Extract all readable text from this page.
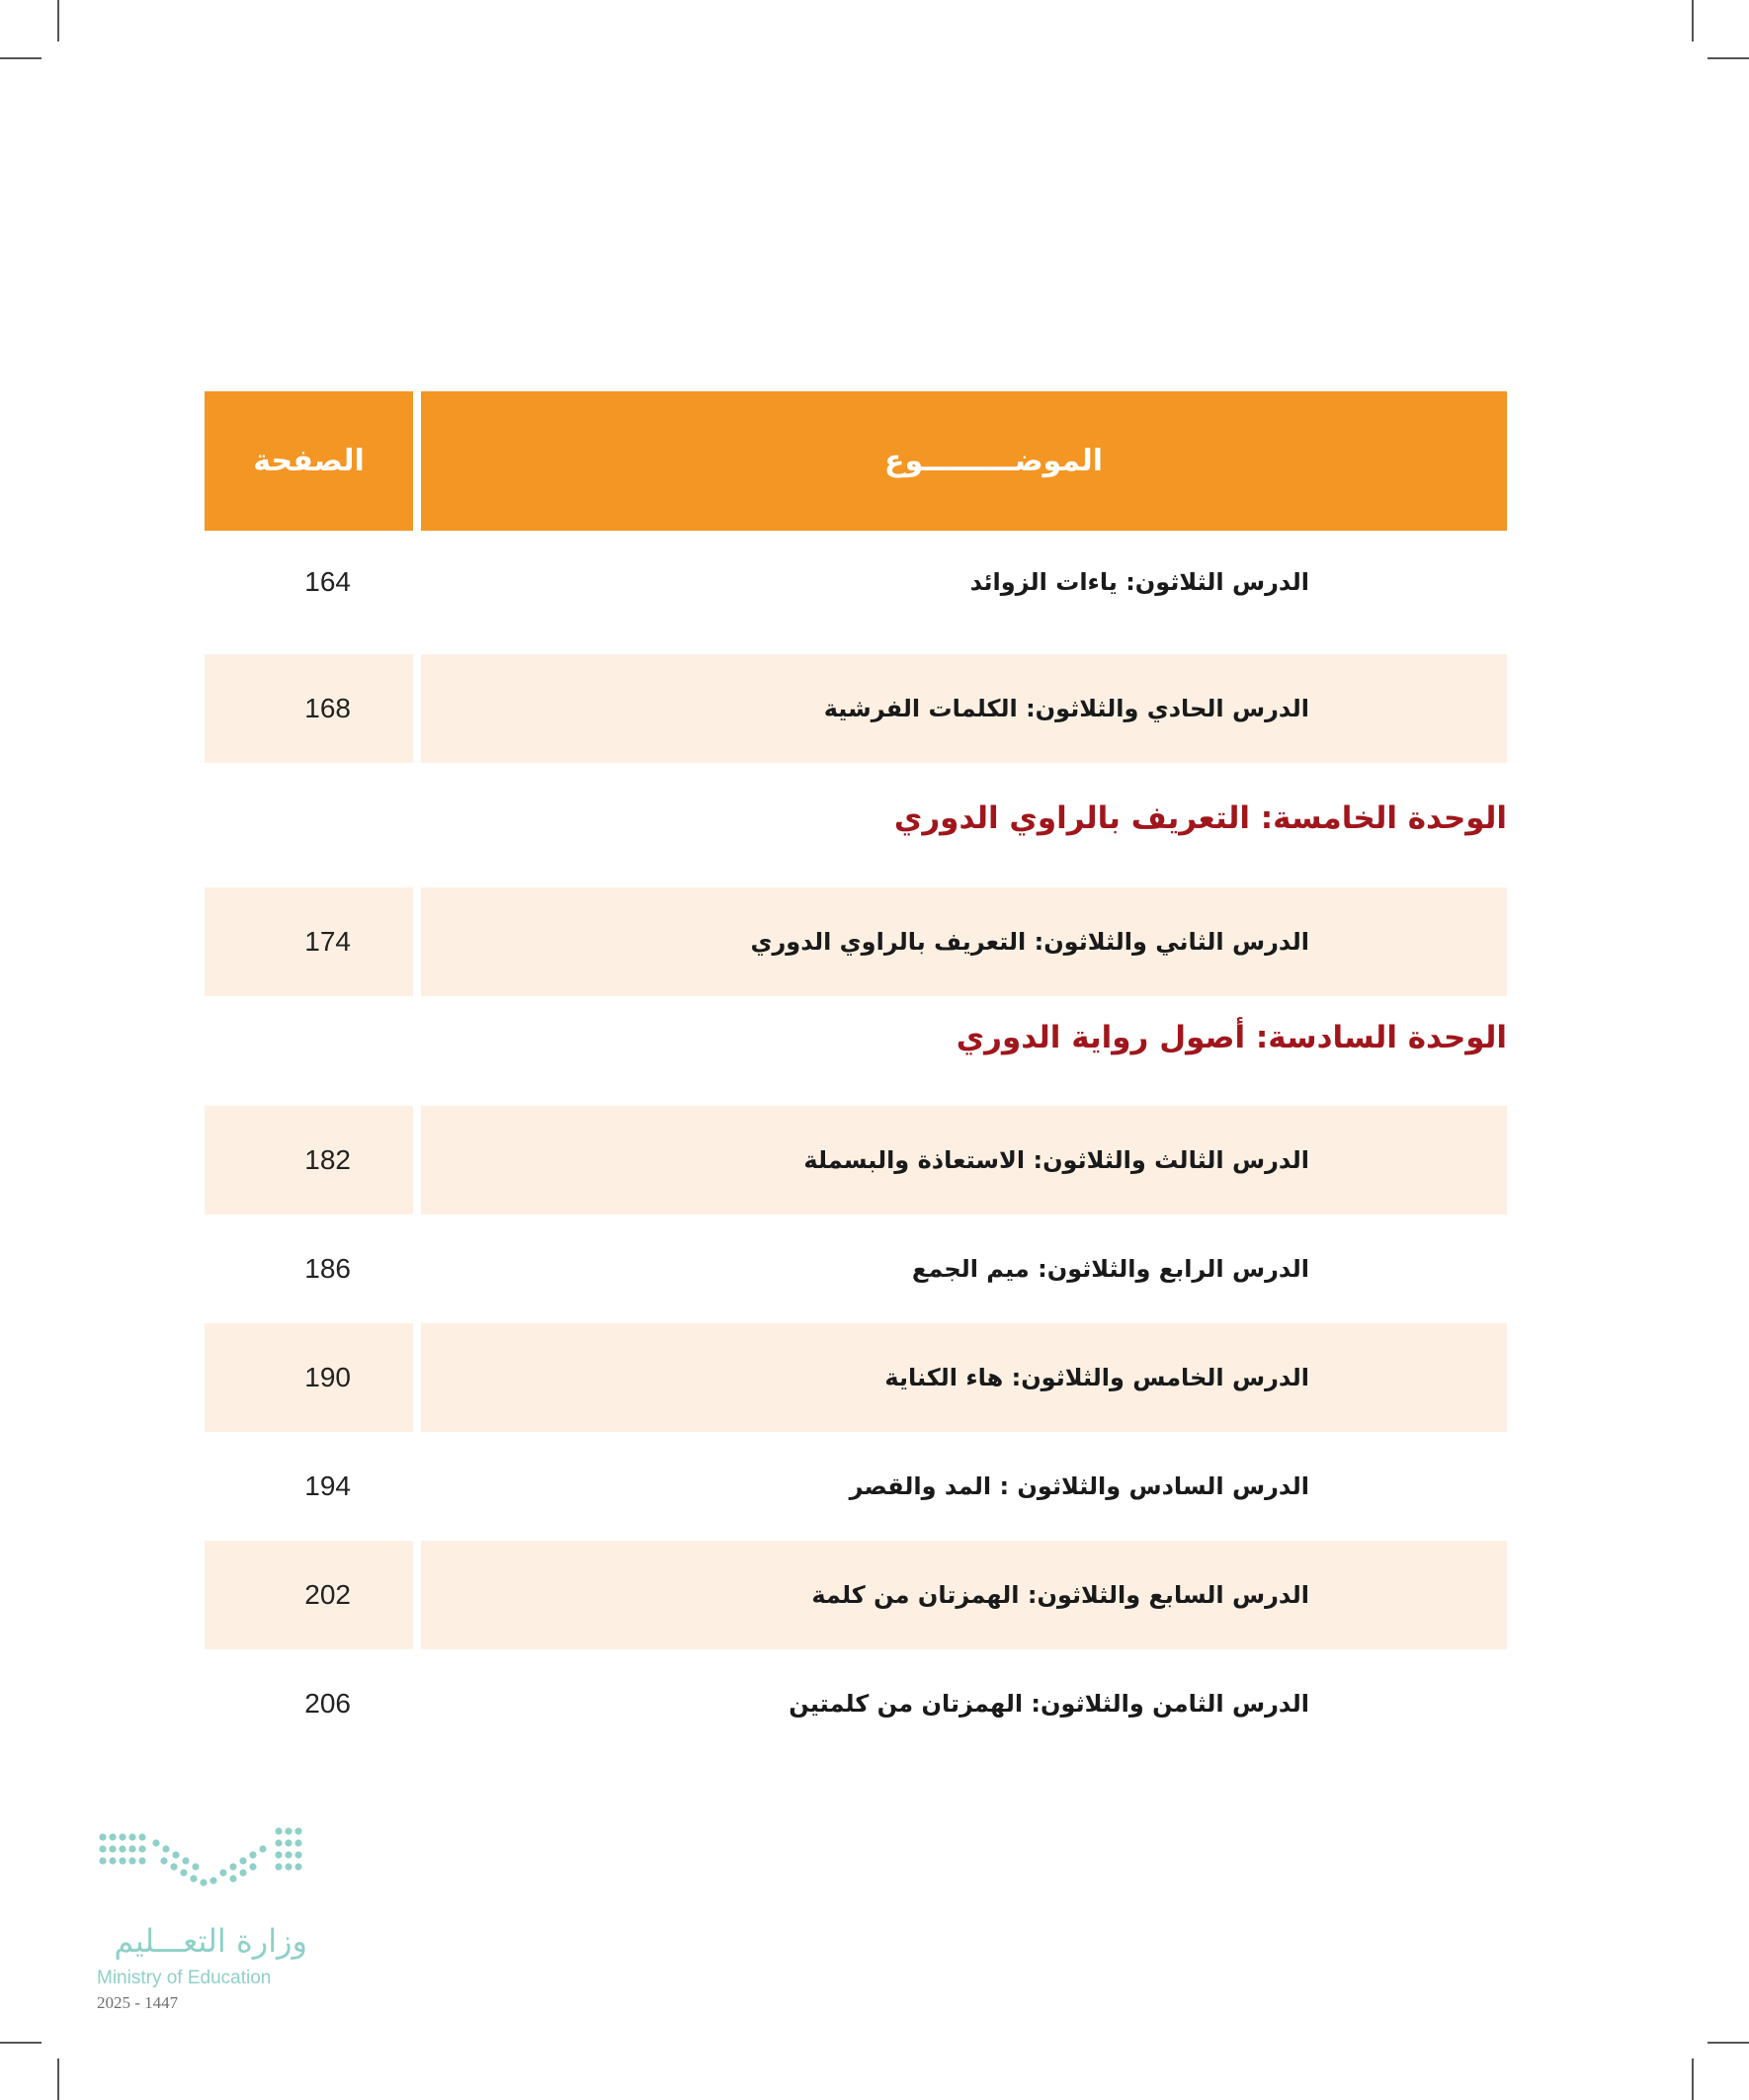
الصفحة	الموضـــــــــوع
164	الدرس الثلاثون: ياءات الزوائد
168	الدرس الحادي والثلاثون: الكلمات الفرشية
الوحدة الخامسة: التعريف بالراوي الدوري
174	الدرس الثاني والثلاثون: التعريف بالراوي الدوري
الوحدة السادسة: أصول رواية الدوري
182	الدرس الثالث والثلاثون: الاستعاذة والبسملة
186	الدرس الرابع والثلاثون: ميم الجمع
190	الدرس الخامس والثلاثون: هاء الكناية
194	الدرس السادس والثلاثون : المد والقصر
202	الدرس السابع والثلاثون: الهمزتان من كلمة
206	الدرس الثامن والثلاثون: الهمزتان من كلمتين
وزارة التعـــليم
Ministry of Education
2025 - 1447
